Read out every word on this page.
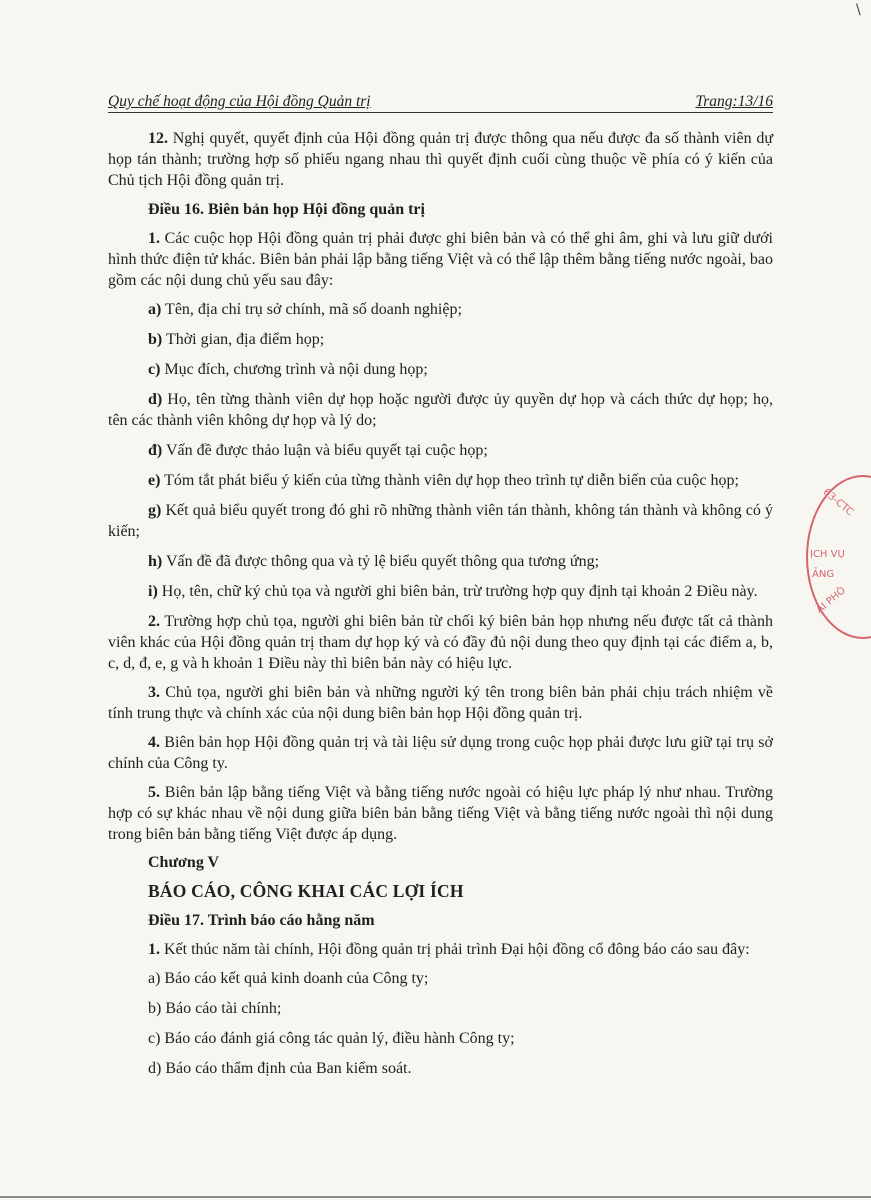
\
Quy chế hoạt động của Hội đồng Quản trị	Trang:13/16

12. Nghị quyết, quyết định của Hội đồng quản trị được thông qua nếu được đa số thành viên dự họp tán thành; trường hợp số phiếu ngang nhau thì quyết định cuối cùng thuộc về phía có ý kiến của Chủ tịch Hội đồng quản trị.

Điều 16. Biên bản họp Hội đồng quản trị

1. Các cuộc họp Hội đồng quản trị phải được ghi biên bản và có thể ghi âm, ghi và lưu giữ dưới hình thức điện tử khác. Biên bản phải lập bằng tiếng Việt và có thể lập thêm bằng tiếng nước ngoài, bao gồm các nội dung chủ yếu sau đây:

a) Tên, địa chỉ trụ sở chính, mã số doanh nghiệp;

b) Thời gian, địa điểm họp;

c) Mục đích, chương trình và nội dung họp;

d) Họ, tên từng thành viên dự họp hoặc người được ủy quyền dự họp và cách thức dự họp; họ, tên các thành viên không dự họp và lý do;

đ) Vấn đề được thảo luận và biểu quyết tại cuộc họp;

e) Tóm tắt phát biểu ý kiến của từng thành viên dự họp theo trình tự diễn biến của cuộc họp;

g) Kết quả biểu quyết trong đó ghi rõ những thành viên tán thành, không tán thành và không có ý kiến;

h) Vấn đề đã được thông qua và tỷ lệ biểu quyết thông qua tương ứng;

i) Họ, tên, chữ ký chủ tọa và người ghi biên bản, trừ trường hợp quy định tại khoản 2 Điều này.

2. Trường hợp chủ tọa, người ghi biên bản từ chối ký biên bản họp nhưng nếu được tất cả thành viên khác của Hội đồng quản trị tham dự họp ký và có đầy đủ nội dung theo quy định tại các điểm a, b, c, d, đ, e, g và h khoản 1 Điều này thì biên bản này có hiệu lực.

3. Chủ tọa, người ghi biên bản và những người ký tên trong biên bản phải chịu trách nhiệm về tính trung thực và chính xác của nội dung biên bản họp Hội đồng quản trị.

4. Biên bản họp Hội đồng quản trị và tài liệu sử dụng trong cuộc họp phải được lưu giữ tại trụ sở chính của Công ty.

5. Biên bản lập bằng tiếng Việt và bằng tiếng nước ngoài có hiệu lực pháp lý như nhau. Trường hợp có sự khác nhau về nội dung giữa biên bản bằng tiếng Việt và bằng tiếng nước ngoài thì nội dung trong biên bản bằng tiếng Việt được áp dụng.

Chương V

BÁO CÁO, CÔNG KHAI CÁC LỢI ÍCH

Điều 17. Trình báo cáo hằng năm

1. Kết thúc năm tài chính, Hội đồng quản trị phải trình Đại hội đồng cổ đông báo cáo sau đây:

a) Báo cáo kết quả kinh doanh của Công ty;

b) Báo cáo tài chính;

c) Báo cáo đánh giá công tác quản lý, điều hành Công ty;

d) Báo cáo thẩm định của Ban kiểm soát.

63-CTC
ỊCH VỤ
ẢNG
ẢI PHÒ
